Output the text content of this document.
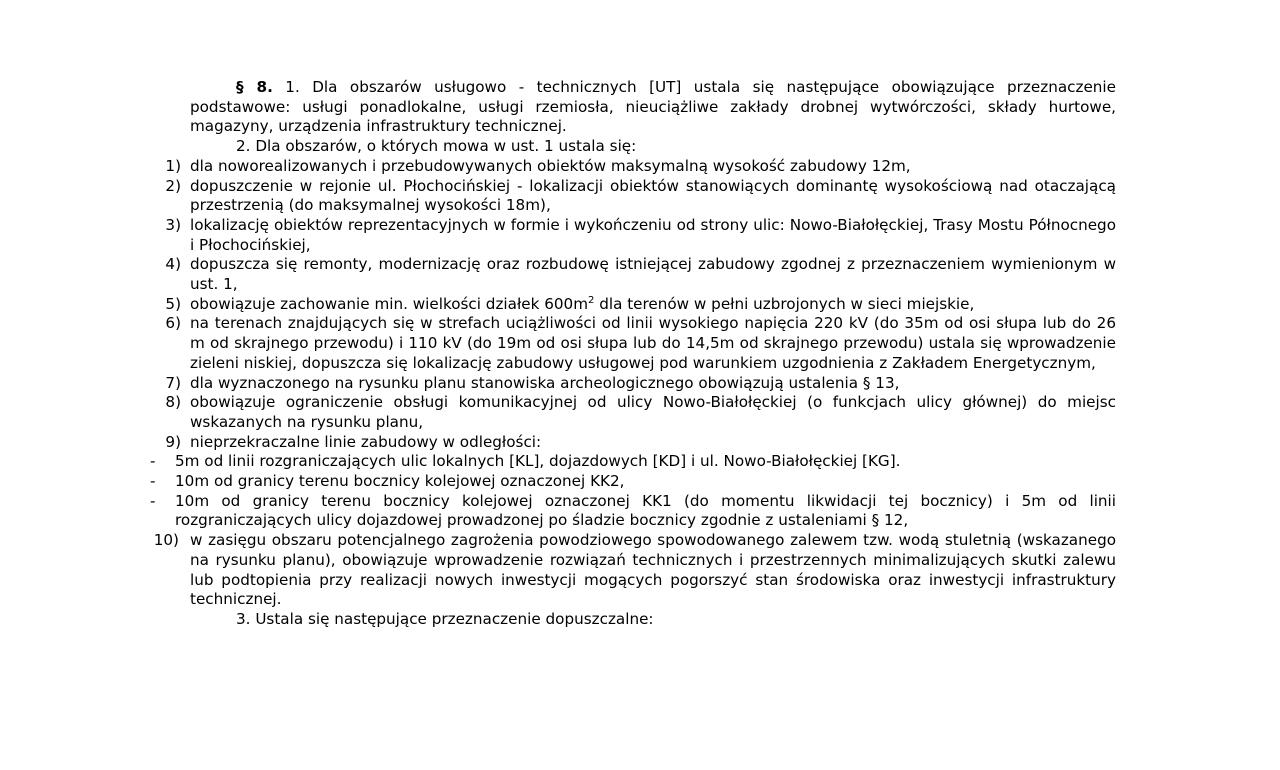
§ 8. 1. Dla obszarów usługowo - technicznych [UT] ustala się następujące obowiązujące przeznaczenie podstawowe: usługi ponadlokalne, usługi rzemiosła, nieuciążliwe zakłady drobnej wytwórczości, składy hurtowe, magazyny, urządzenia infrastruktury technicznej.

2. Dla obszarów, o których mowa w ust. 1 ustala się:

1) dla noworealizowanych i przebudowywanych obiektów maksymalną wysokość zabudowy 12m,
2) dopuszczenie w rejonie ul. Płochocińskiej - lokalizacji obiektów stanowiących dominantę wysokościową nad otaczającą przestrzenią (do maksymalnej wysokości 18m),
3) lokalizację obiektów reprezentacyjnych w formie i wykończeniu od strony ulic: Nowo-Białołęckiej, Trasy Mostu Północnego i Płochocińskiej,
4) dopuszcza się remonty, modernizację oraz rozbudowę istniejącej zabudowy zgodnej z przeznaczeniem wymienionym w ust. 1,
5) obowiązuje zachowanie min. wielkości działek $600m^2$ dla terenów w pełni uzbrojonych w sieci miejskie,
6) na terenach znajdujących się w strefach uciążliwości od linii wysokiego napięcia 220 kV (do 35m od osi słupa lub do 26 m od skrajnego przewodu) i 110 kV (do 19m od osi słupa lub do 14,5m od skrajnego przewodu) ustala się wprowadzenie zieleni niskiej, dopuszcza się lokalizację zabudowy usługowej pod warunkiem uzgodnienia z Zakładem Energetycznym,
7) dla wyznaczonego na rysunku planu stanowiska archeologicznego obowiązują ustalenia § 13,
8) obowiązuje ograniczenie obsługi komunikacyjnej od ulicy Nowo-Białołęckiej (o funkcjach ulicy głównej) do miejsc wskazanych na rysunku planu,
9) nieprzekraczalne linie zabudowy w odległości:
-	5m od linii rozgraniczających ulic lokalnych [KL], dojazdowych [KD] i ul. Nowo-Białołęckiej [KG].
-	10m od granicy terenu bocznicy kolejowej oznaczonej KK2,
-	10m od granicy terenu bocznicy kolejowej oznaczonej KK1 (do momentu likwidacji tej bocznicy) i 5m od linii rozgraniczających ulicy dojazdowej prowadzonej po śladzie bocznicy zgodnie z ustaleniami § 12,
10) w zasięgu obszaru potencjalnego zagrożenia powodziowego spowodowanego zalewem tzw. wodą stuletnią (wskazanego na rysunku planu), obowiązuje wprowadzenie rozwiązań technicznych i przestrzennych minimalizujących skutki zalewu lub podtopienia przy realizacji nowych inwestycji mogących pogorszyć stan środowiska oraz inwestycji infrastruktury technicznej.

3. Ustala się następujące przeznaczenie dopuszczalne:
